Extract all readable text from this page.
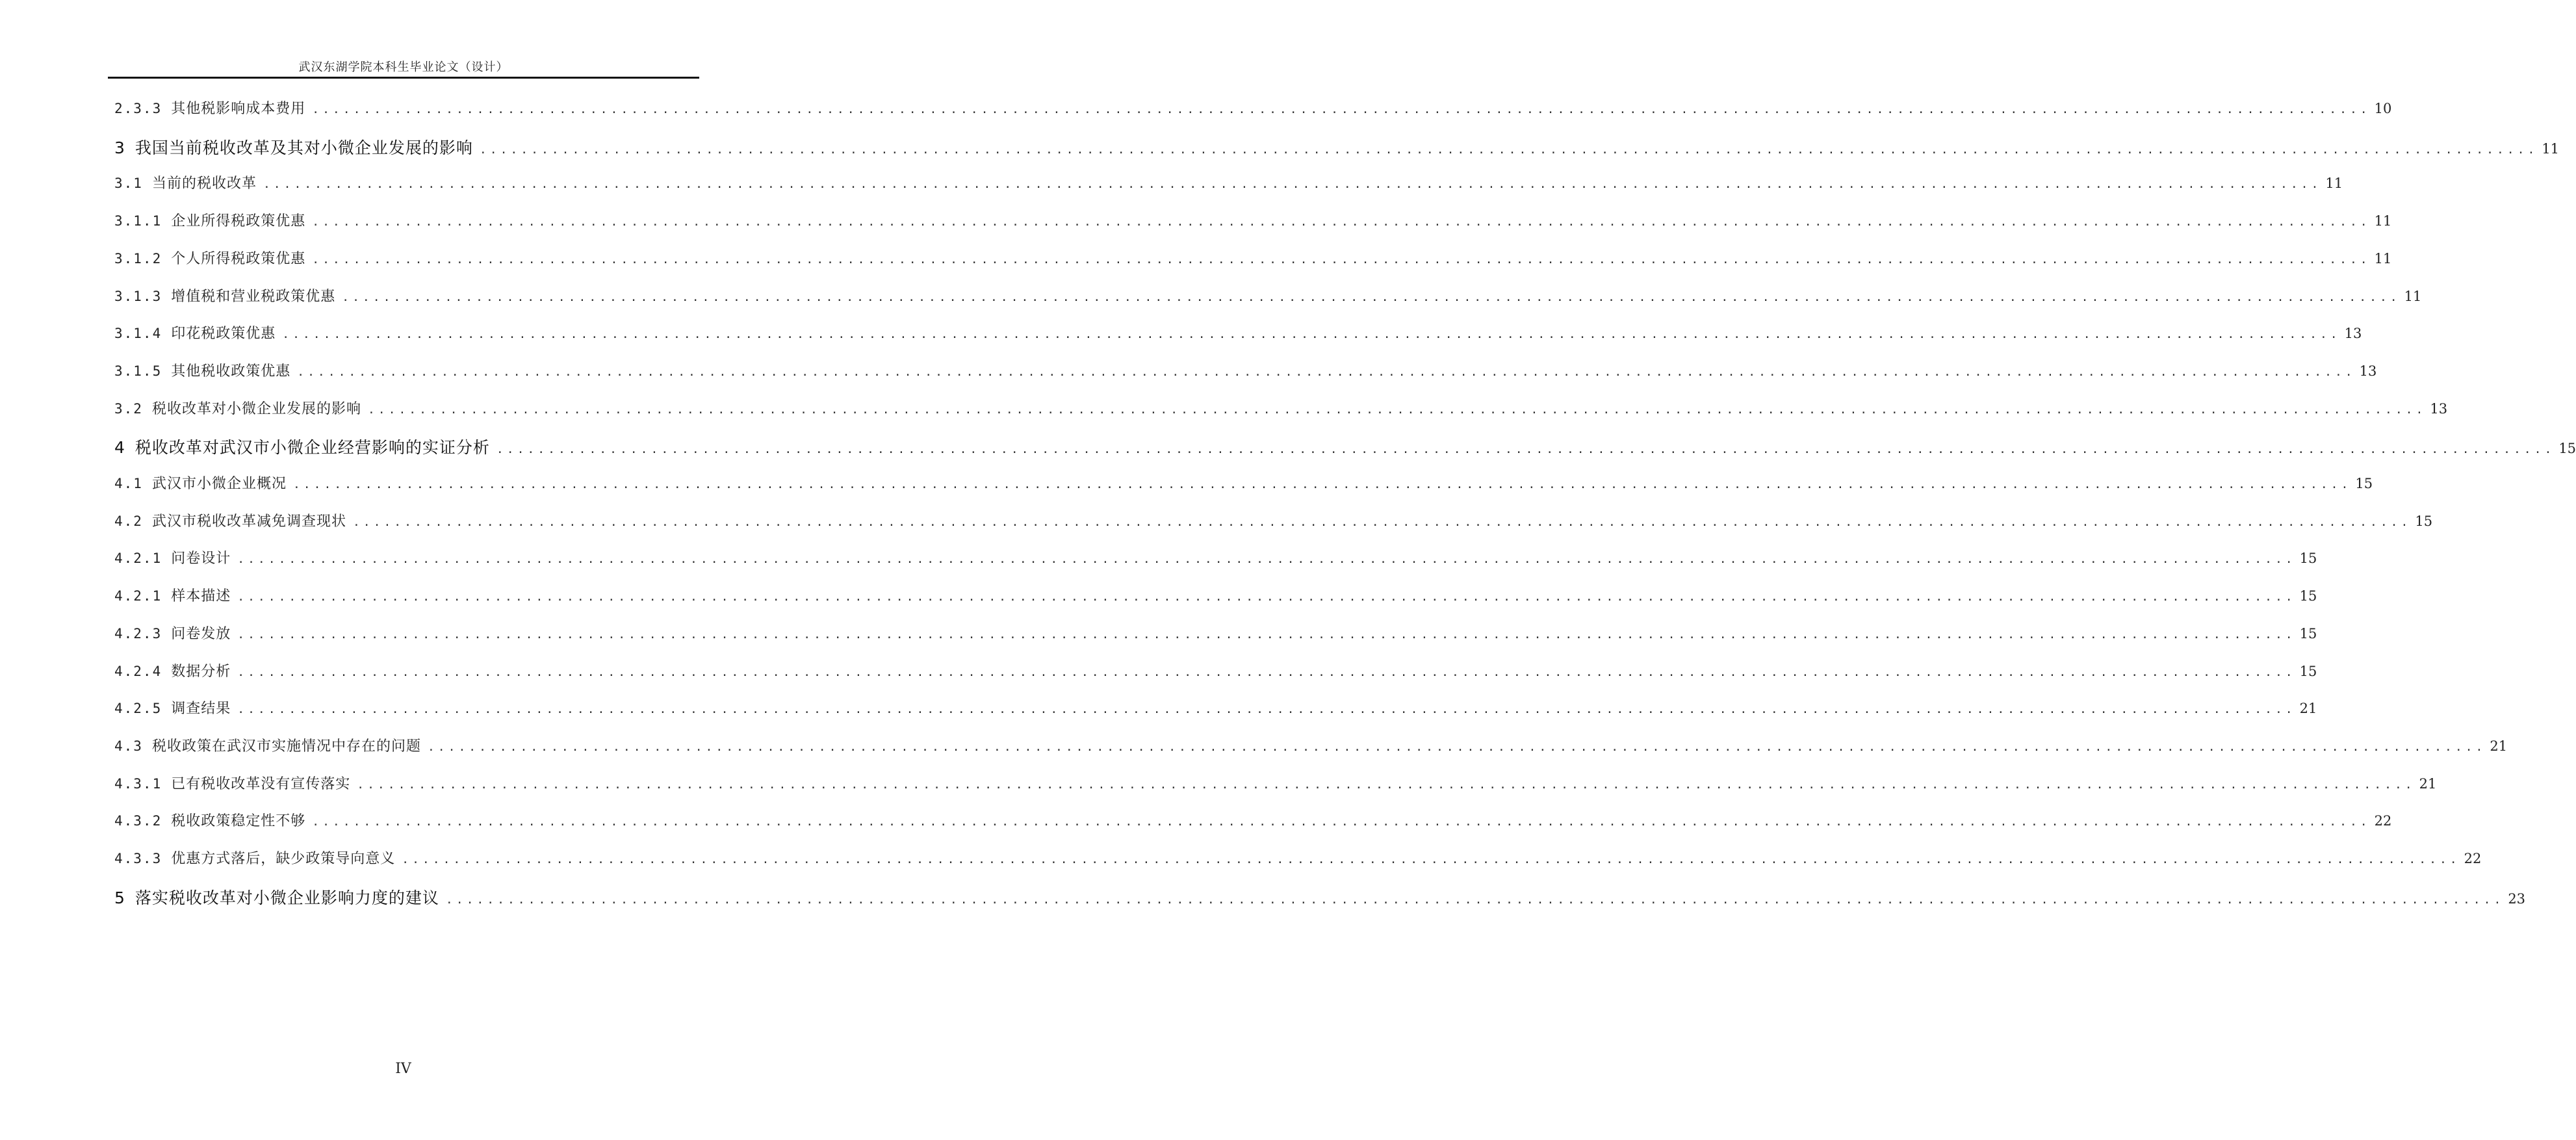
武汉东湖学院本科生毕业论文（设计）
2.3.3 其他税影响成本费用 ........................................................................................................................................................................................................ 10
3 我国当前税收改革及其对小微企业发展的影响 ........................................................................................................................................................................................................ 11
3.1 当前的税收改革 ........................................................................................................................................................................................................ 11
3.1.1 企业所得税政策优惠 ........................................................................................................................................................................................................ 11
3.1.2 个人所得税政策优惠 ........................................................................................................................................................................................................ 11
3.1.3 增值税和营业税政策优惠 ........................................................................................................................................................................................................ 11
3.1.4 印花税政策优惠 ........................................................................................................................................................................................................ 13
3.1.5 其他税收政策优惠 ........................................................................................................................................................................................................ 13
3.2 税收改革对小微企业发展的影响 ........................................................................................................................................................................................................ 13
4 税收改革对武汉市小微企业经营影响的实证分析 ........................................................................................................................................................................................................ 15
4.1 武汉市小微企业概况 ........................................................................................................................................................................................................ 15
4.2 武汉市税收改革减免调查现状 ........................................................................................................................................................................................................ 15
4.2.1 问卷设计 ........................................................................................................................................................................................................ 15
4.2.1 样本描述 ........................................................................................................................................................................................................ 15
4.2.3 问卷发放 ........................................................................................................................................................................................................ 15
4.2.4 数据分析 ........................................................................................................................................................................................................ 15
4.2.5 调查结果 ........................................................................................................................................................................................................ 21
4.3 税收政策在武汉市实施情况中存在的问题 ........................................................................................................................................................................................................ 21
4.3.1 已有税收改革没有宣传落实 ........................................................................................................................................................................................................ 21
4.3.2 税收政策稳定性不够 ........................................................................................................................................................................................................ 22
4.3.3 优惠方式落后，缺少政策导向意义 ........................................................................................................................................................................................................ 22
5 落实税收改革对小微企业影响力度的建议 ........................................................................................................................................................................................................ 23
IV
